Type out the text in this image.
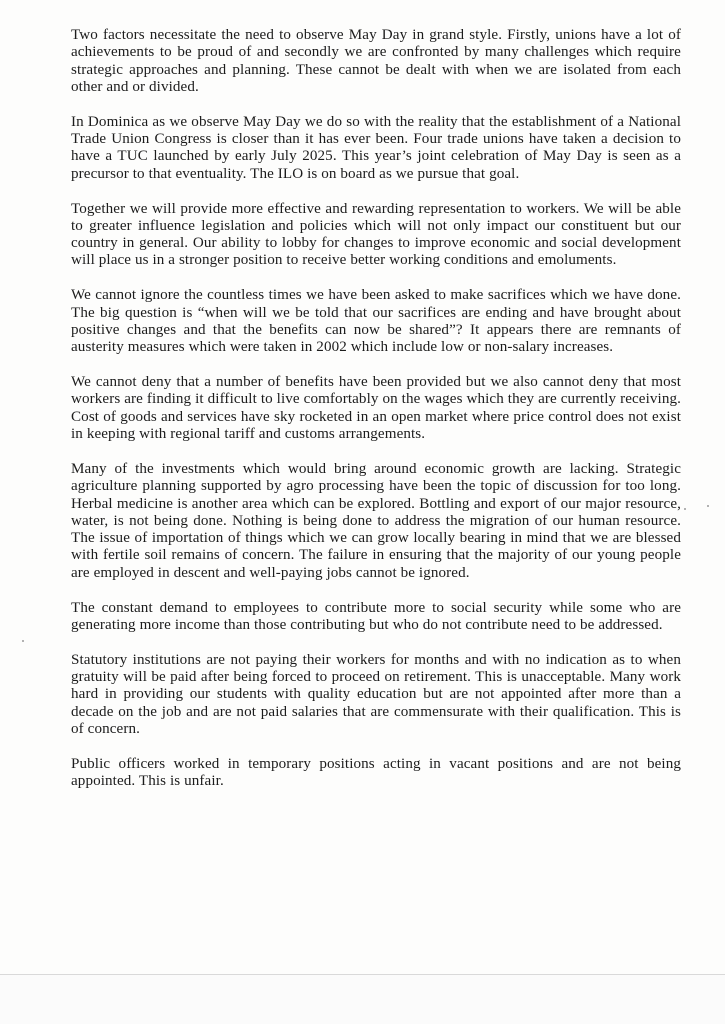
Two factors necessitate the need to observe May Day in grand style. Firstly, unions have a lot of achievements to be proud of and secondly we are confronted by many challenges which require strategic approaches and planning. These cannot be dealt with when we are isolated from each other and or divided.

In Dominica as we observe May Day we do so with the reality that the establishment of a National Trade Union Congress is closer than it has ever been. Four trade unions have taken a decision to have a TUC launched by early July 2025. This year’s joint celebration of May Day is seen as a precursor to that eventuality. The ILO is on board as we pursue that goal.

Together we will provide more effective and rewarding representation to workers. We will be able to greater influence legislation and policies which will not only impact our constituent but our country in general. Our ability to lobby for changes to improve economic and social development will place us in a stronger position to receive better working conditions and emoluments.

We cannot ignore the countless times we have been asked to make sacrifices which we have done. The big question is “when will we be told that our sacrifices are ending and have brought about positive changes and that the benefits can now be shared”? It appears there are remnants of austerity measures which were taken in 2002 which include low or non-salary increases.

We cannot deny that a number of benefits have been provided but we also cannot deny that most workers are finding it difficult to live comfortably on the wages which they are currently receiving. Cost of goods and services have sky rocketed in an open market where price control does not exist in keeping with regional tariff and customs arrangements.

Many of the investments which would bring around economic growth are lacking. Strategic agriculture planning supported by agro processing have been the topic of discussion for too long. Herbal medicine is another area which can be explored. Bottling and export of our major resource, water, is not being done. Nothing is being done to address the migration of our human resource. The issue of importation of things which we can grow locally bearing in mind that we are blessed with fertile soil remains of concern. The failure in ensuring that the majority of our young people are employed in descent and well-paying jobs cannot be ignored.

The constant demand to employees to contribute more to social security while some who are generating more income than those contributing but who do not contribute need to be addressed.

Statutory institutions are not paying their workers for months and with no indication as to when gratuity will be paid after being forced to proceed on retirement. This is unacceptable. Many work hard in providing our students with quality education but are not appointed after more than a decade on the job and are not paid salaries that are commensurate with their qualification. This is of concern.

Public officers worked in temporary positions acting in vacant positions and are not being appointed. This is unfair.
